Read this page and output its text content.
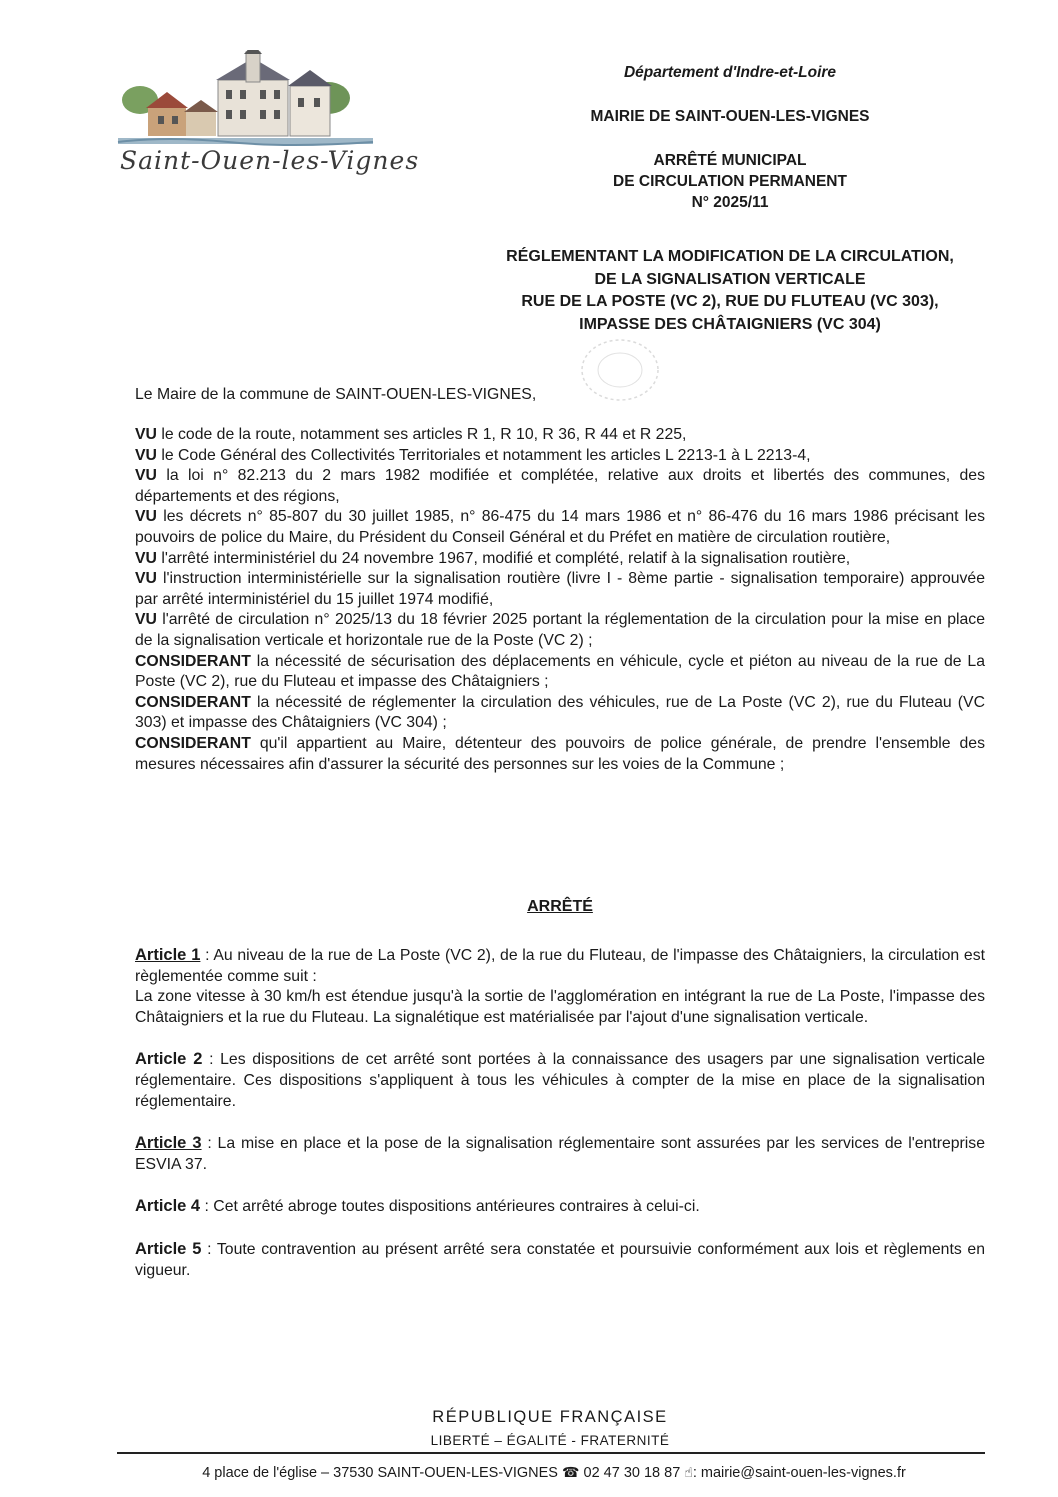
Saint-Ouen-les-Vignes
Département d'Indre-et-Loire
MAIRIE DE SAINT-OUEN-LES-VIGNES
ARRÊTÉ MUNICIPAL
DE CIRCULATION PERMANENT
N° 2025/11
RÉGLEMENTANT LA MODIFICATION DE LA CIRCULATION,
DE LA SIGNALISATION VERTICALE
RUE DE LA POSTE (VC 2), RUE DU FLUTEAU (VC 303),
IMPASSE DES CHÂTAIGNIERS (VC 304)

Le Maire de la commune de SAINT-OUEN-LES-VIGNES,

VU le code de la route, notamment ses articles R 1, R 10, R 36, R 44 et R 225,

VU le Code Général des Collectivités Territoriales et notamment les articles L 2213-1 à L 2213-4,

VU la loi n° 82.213 du 2 mars 1982 modifiée et complétée, relative aux droits et libertés des communes, des départements et des régions,

VU les décrets n° 85-807 du 30 juillet 1985, n° 86-475 du 14 mars 1986 et n° 86-476 du 16 mars 1986 précisant les pouvoirs de police du Maire, du Président du Conseil Général et du Préfet en matière de circulation routière,

VU l'arrêté interministériel du 24 novembre 1967, modifié et complété, relatif à la signalisation routière,

VU l'instruction interministérielle sur la signalisation routière (livre I - 8ème partie - signalisation temporaire) approuvée par arrêté interministériel du 15 juillet 1974 modifié,

VU l'arrêté de circulation n° 2025/13 du 18 février 2025 portant la réglementation de la circulation pour la mise en place de la signalisation verticale et horizontale rue de la Poste (VC 2) ;

CONSIDERANT la nécessité de sécurisation des déplacements en véhicule, cycle et piéton au niveau de la rue de La Poste (VC 2), rue du Fluteau et impasse des Châtaigniers ;

CONSIDERANT la nécessité de réglementer la circulation des véhicules, rue de La Poste (VC 2), rue du Fluteau (VC 303) et impasse des Châtaigniers (VC 304) ;

CONSIDERANT qu'il appartient au Maire, détenteur des pouvoirs de police générale, de prendre l'ensemble des mesures nécessaires afin d'assurer la sécurité des personnes sur les voies de la Commune ;

ARRÊTÉ

Article 1 : Au niveau de la rue de La Poste (VC 2), de la rue du Fluteau, de l'impasse des Châtaigniers, la circulation est règlementée comme suit :

La zone vitesse à 30 km/h est étendue jusqu'à la sortie de l'agglomération en intégrant la rue de La Poste, l'impasse des Châtaigniers et la rue du Fluteau. La signalétique est matérialisée par l'ajout d'une signalisation verticale.

Article 2 : Les dispositions de cet arrêté sont portées à la connaissance des usagers par une signalisation verticale réglementaire. Ces dispositions s'appliquent à tous les véhicules à compter de la mise en place de la signalisation réglementaire.

Article 3 : La mise en place et la pose de la signalisation réglementaire sont assurées par les services de l'entreprise ESVIA 37.

Article 4 : Cet arrêté abroge toutes dispositions antérieures contraires à celui-ci.

Article 5 : Toute contravention au présent arrêté sera constatée et poursuivie conformément aux lois et règlements en vigueur.

RÉPUBLIQUE FRANÇAISE
LIBERTÉ – ÉGALITÉ - FRATERNITÉ
4 place de l'église – 37530 SAINT-OUEN-LES-VIGNES ☎ 02 47 30 18 87 ☝: mairie@saint-ouen-les-vignes.fr
